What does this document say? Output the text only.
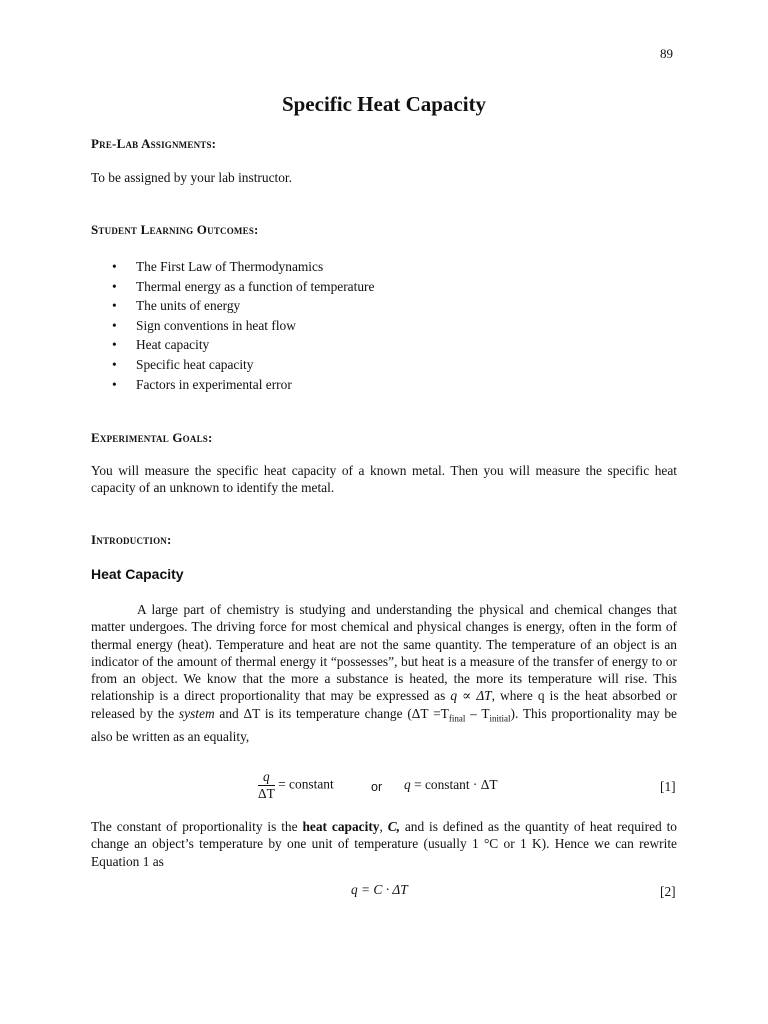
89
Specific Heat Capacity
Pre-Lab Assignments:
To be assigned by your lab instructor.
Student Learning Outcomes:
•	The First Law of Thermodynamics
•	Thermal energy as a function of temperature
•	The units of energy
•	Sign conventions in heat flow
•	Heat capacity
•	Specific heat capacity
•	Factors in experimental error
Experimental Goals:
You will measure the specific heat capacity of a known metal. Then you will measure the specific heat capacity of an unknown to identify the metal.
Introduction:
Heat Capacity
A large part of chemistry is studying and understanding the physical and chemical changes that matter undergoes. The driving force for most chemical and physical changes is energy, often in the form of thermal energy (heat). Temperature and heat are not the same quantity. The temperature of an object is an indicator of the amount of thermal energy it “possesses”, but heat is a measure of the transfer of energy to or from an object. We know that the more a substance is heated, the more its temperature will rise. This relationship is a direct proportionality that may be expressed as q ∝ ΔT, where q is the heat absorbed or released by the system and ΔT is its temperature change $(\Delta T =T_{final} - T_{initial})$. This proportionality may be also be written as an equality,
$\frac{q}{\Delta T}$ = constant	or q = constant · ΔT	[1]
The constant of proportionality is the heat capacity, C, and is defined as the quantity of heat required to change an object’s temperature by one unit of temperature (usually 1 °C or 1 K). Hence we can rewrite Equation 1 as
q = C · ΔT	[2]
